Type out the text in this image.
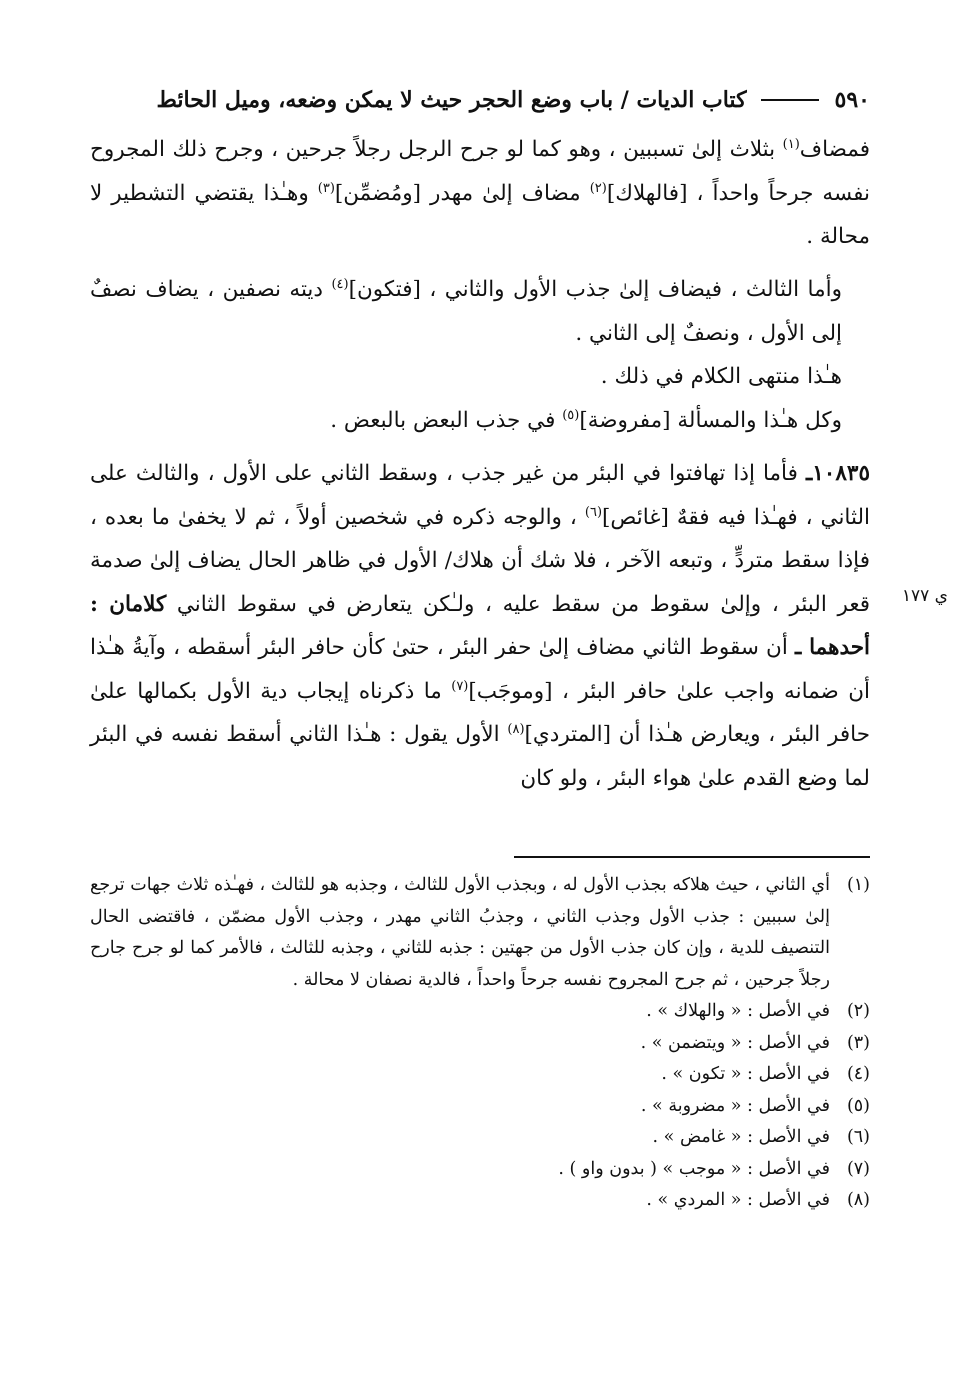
٥٩٠
كتاب الديات / باب وضع الحجر حيث لا يمكن وضعه، وميل الحائط

فمضاف$^{(١)}$ بثلاث إلىٰ تسببين ، وهو كما لو جرح الرجل رجلاً جرحين ، وجرح ذلك المجروح نفسه جرحاً واحداً ، [فالهلاك]$^{(٢)}$ مضاف إلىٰ مهدر [ومُضمِّن]$^{(٣)}$ وهـٰذا يقتضي التشطير لا محالة .

وأما الثالث ، فيضاف إلىٰ جذب الأول والثاني ، [فتكون]$^{(٤)}$ ديته نصفين ، يضاف نصفٌ إلى الأول ، ونصفٌ إلى الثاني .

هـٰذا منتهى الكلام في ذلك .

وكل هـٰذا والمسألة [مفروضة]$^{(٥)}$ في جذب البعض بالبعض .

١٠٨٣٥ـ فأما إذا تهافتوا في البئر من غير جذب ، وسقط الثاني على الأول ، والثالث على الثاني ، فهـٰذا فيه فقهٌ [غائص]$^{(٦)}$ ، والوجه ذكره في شخصين أولاً ، ثم لا يخفىٰ ما بعده ، فإذا سقط متردٍّ ، وتبعه الآخر ، فلا شك أن هلاك/ الأول في ظاهر الحال يضاف إلىٰ صدمة قعر البئر ، وإلىٰ سقوط من سقط عليه ، ولـٰكن يتعارض في سقوط الثاني كلامان : أحدهما ـ أن سقوط الثاني مضاف إلىٰ حفر البئر ، حتىٰ كأن حافر البئر أسقطه ، وآيةُ هـٰذا أن ضمانه واجب علىٰ حافر البئر ، [وموجَب]$^{(٧)}$ ما ذكرناه إيجاب دية الأول بكمالها علىٰ حافر البئر ، ويعارض هـٰذا أن [المتردي]$^{(٨)}$ الأول يقول : هـٰذا الثاني أسقط نفسه في البئر لما وضع القدم علىٰ هواء البئر ، ولو كان

ي ١٧٧
(١)
أي الثاني ، حيث هلاكه بجذب الأول له ، وبجذب الأول للثالث ، وجذبه هو للثالث ، فهـٰذه ثلاث جهات ترجع إلىٰ سببين : جذب الأول وجذب الثاني ، وجذبُ الثاني مهدر ، وجذب الأول مضمّن ، فاقتضى الحال التنصيف للدية ، وإن كان جذب الأول من جهتين : جذبه للثاني ، وجذبه للثالث ، فالأمر كما لو جرح جارح رجلاً جرحين ، ثم جرح المجروح نفسه جرحاً واحداً ، فالدية نصفان لا محالة .
(٢)
في الأصل : « والهلاك » .
(٣)
في الأصل : « ويتضمن » .
(٤)
في الأصل : « تكون » .
(٥)
في الأصل : « مضروبة » .
(٦)
في الأصل : « غامض » .
(٧)
في الأصل : « موجب » ( بدون واو ) .
(٨)
في الأصل : « المردي » .
